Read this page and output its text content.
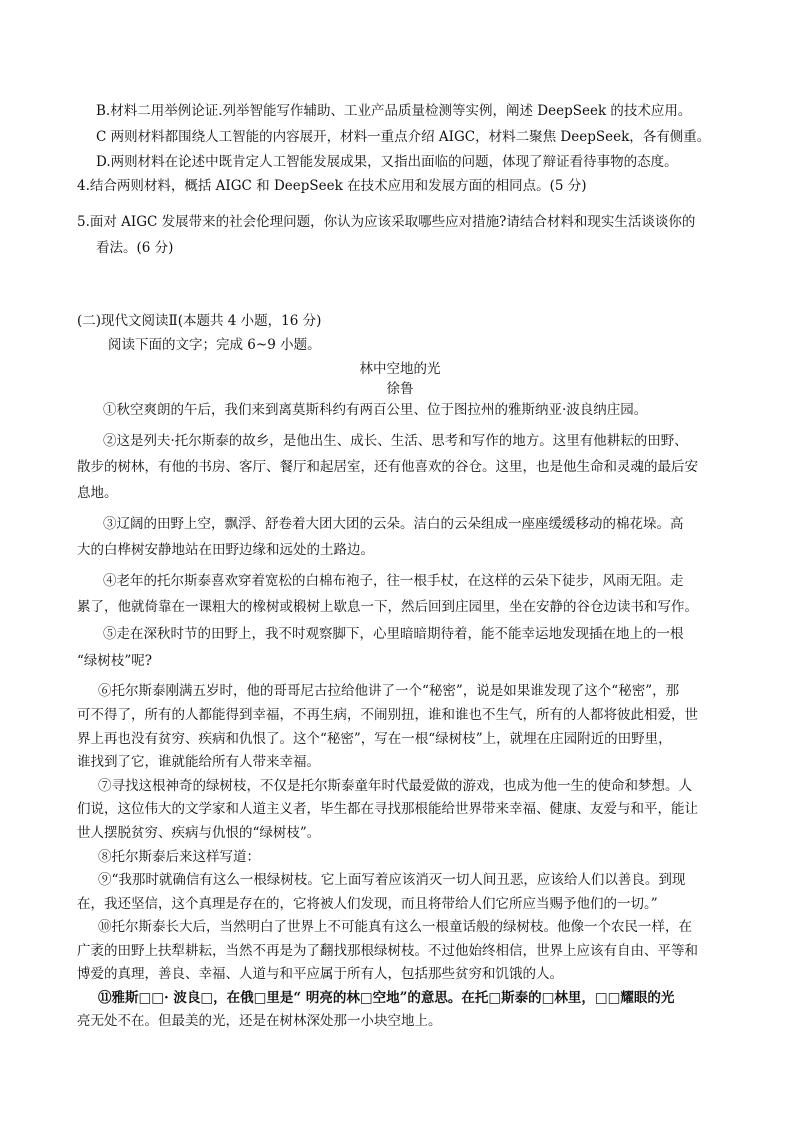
B.材料二用举例论证.列举智能写作辅助、工业产品质量检测等实例，阐述 DeepSeek 的技术应用。
C 两则材料都围绕人工智能的内容展开，材料一重点介绍 AIGC，材料二聚焦 DeepSeek，各有侧重。
D.两则材料在论述中既肯定人工智能发展成果，又指出面临的问题，体现了辩证看待事物的态度。
4.结合两则材料，概括 AIGC 和 DeepSeek 在技术应用和发展方面的相同点。(5 分)
5.面对 AIGC 发展带来的社会伦理问题，你认为应该采取哪些应对措施?请结合材料和现实生活谈谈你的
看法。(6 分)
(二)现代文阅读Ⅱ(本题共 4 小题，16 分)
阅读下面的文字；完成 6~9 小题。
林中空地的光
徐鲁
①秋空爽朗的午后，我们来到离莫斯科约有两百公里、位于图拉州的雅斯纳亚·波良纳庄园。
②这是列夫·托尔斯泰的故乡，是他出生、成长、生活、思考和写作的地方。这里有他耕耘的田野、
散步的树林，有他的书房、客厅、餐厅和起居室，还有他喜欢的谷仓。这里，也是他生命和灵魂的最后安
息地。
③辽阔的田野上空，飘浮、舒卷着大团大团的云朵。洁白的云朵组成一座座缓缓移动的棉花垛。高
大的白桦树安静地站在田野边缘和远处的土路边。
④老年的托尔斯泰喜欢穿着宽松的白棉布袍子，往一根手杖，在这样的云朵下徒步，风雨无阻。走
累了，他就倚靠在一课粗大的橡树或椴树上歇息一下，然后回到庄园里，坐在安静的谷仓边读书和写作。
⑤走在深秋时节的田野上，我不时观察脚下，心里暗暗期待着，能不能幸运地发现插在地上的一根
“绿树枝”呢?
⑥托尔斯泰刚满五岁时，他的哥哥尼古拉给他讲了一个“秘密”，说是如果谁发现了这个“秘密”，那
可不得了，所有的人都能得到幸福，不再生病，不闹别扭，谁和谁也不生气，所有的人都将彼此相爱，世
界上再也没有贫穷、疾病和仇恨了。这个“秘密”，写在一根“绿树枝”上，就埋在庄园附近的田野里，
谁找到了它，谁就能给所有人带来幸福。
⑦寻找这根神奇的绿树枝，不仅是托尔斯泰童年时代最爱做的游戏，也成为他一生的使命和梦想。人
们说，这位伟大的文学家和人道主义者，毕生都在寻找那根能给世界带来幸福、健康、友爱与和平，能让
世人摆脱贫穷、疾病与仇恨的“绿树枝”。
⑧托尔斯泰后来这样写道：
⑨“我那时就确信有这么一根绿树枝。它上面写着应该消灭一切人间丑恶，应该给人们以善良。到现
在，我还坚信，这个真理是存在的，它将被人们发现，而且将带给人们它所应当赐予他们的一切。”
⑩托尔斯泰长大后，当然明白了世界上不可能真有这么一根童话般的绿树枝。他像一个农民一样，在
广袤的田野上扶犁耕耘，当然不再是为了翻找那根绿树枝。不过他始终相信，世界上应该有自由、平等和
博爱的真理，善良、幸福、人道与和平应属于所有人，包括那些贫穷和饥饿的人。
⑪雅斯□□· 波良□，在俄□里是“ 明亮的林□空地”的意思。在托□斯泰的□林里，□□耀眼的光
亮无处不在。但最美的光，还是在树林深处那一小块空地上。
